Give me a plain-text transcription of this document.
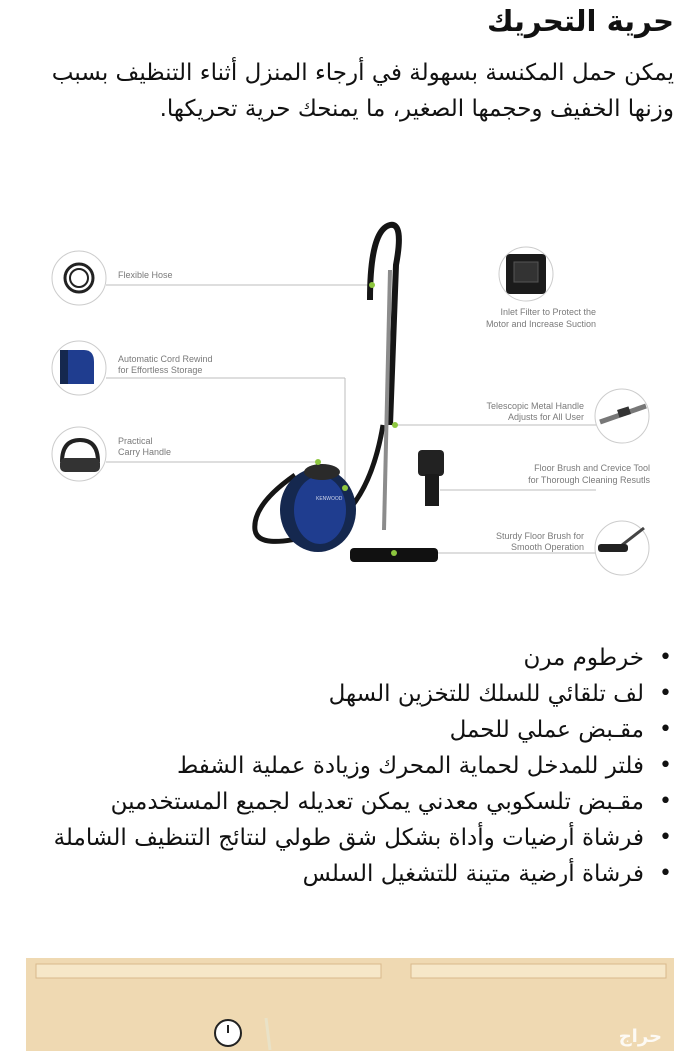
حرية التحريك

يمكن حمل المكنسة بسهولة في أرجاء المنزل أثناء التنظيف بسبب وزنها الخفيف وحجمها الصغير، ما يمنحك حرية تحريكها.

KENWOOD
Flexible Hose
Automatic Cord Rewind
for Effortless Storage
Practical
Carry Handle
Inlet Filter to Protect the
Motor and Increase Suction
Telescopic Metal Handle
Adjusts for All User
Floor Brush and Crevice Tool
for Thorough Cleaning Resutls
Sturdy Floor Brush for
Smooth Operation
• خرطوم مرن
• لف تلقائي للسلك للتخزين السهل
• مقـبض عملي للحمل
• فلتر للمدخل لحماية المحرك وزيادة عملية الشفط
• مقـبض تلسكوبي معدني يمكن تعديله لجميع المستخدمين
• فرشاة أرضيات وأداة بشكل شق طولي لنتائج التنظيف الشاملة
• فرشاة أرضية متينة للتشغيل السلس
حراج
